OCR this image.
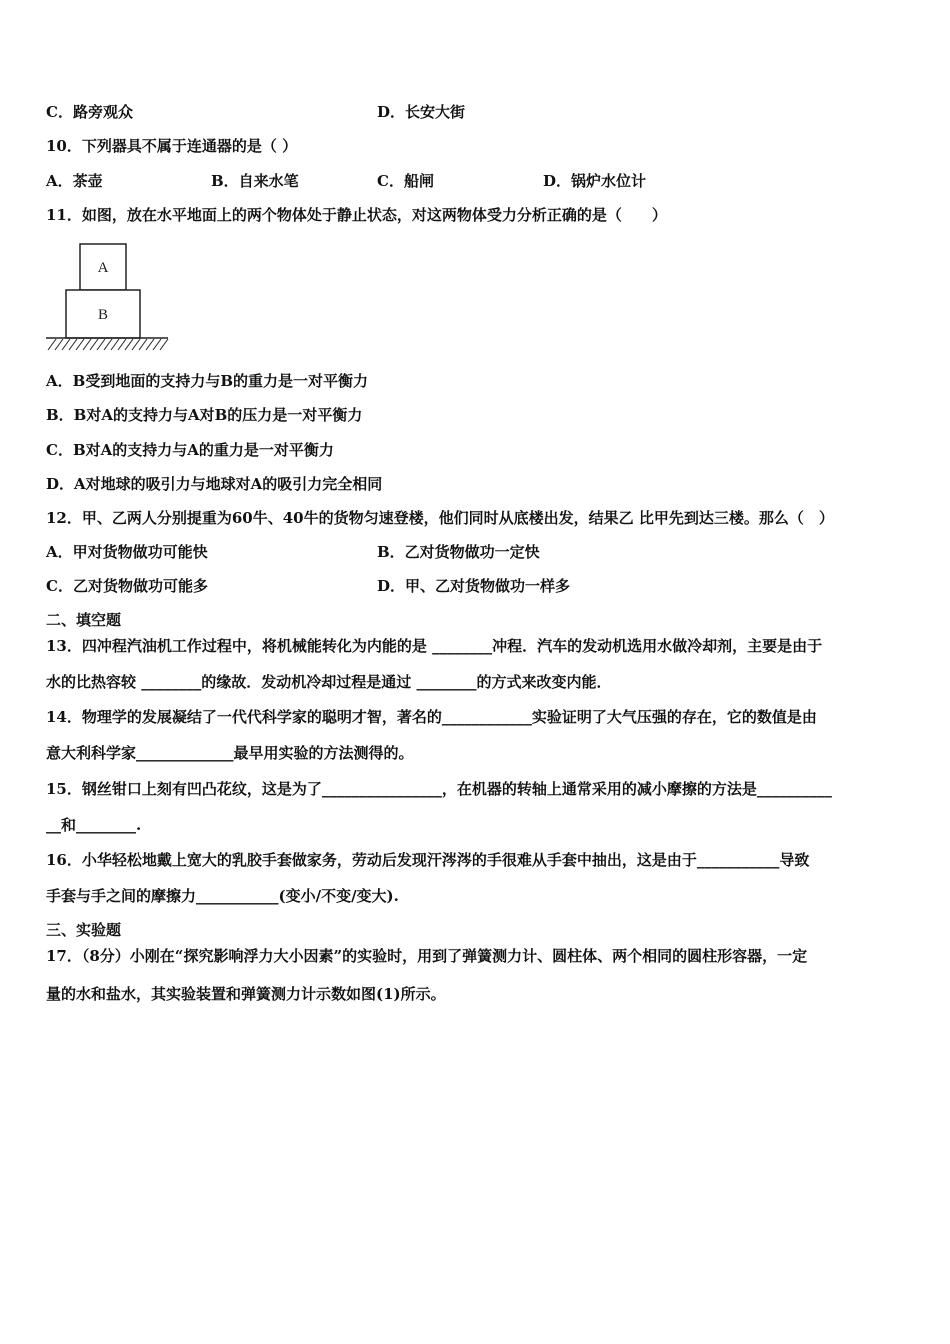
C．路旁观众	D．长安大街
10．下列器具不属于连通器的是（ ）
A．茶壶	B．自来水笔	C．船闸	D．锅炉水位计
11．如图，放在水平地面上的两个物体处于静止状态，对这两物体受力分析正确的是（　　）
A
B
A．B受到地面的支持力与B的重力是一对平衡力
B．B对A的支持力与A对B的压力是一对平衡力
C．B对A的支持力与A的重力是一对平衡力
D．A对地球的吸引力与地球对A的吸引力完全相同
12．甲、乙两人分别提重为60牛、40牛的货物匀速登楼，他们同时从底楼出发，结果乙 比甲先到达三楼。那么（　）
A．甲对货物做功可能快	B．乙对货物做功一定快
C．乙对货物做功可能多	D．甲、乙对货物做功一样多
二、填空题
13．四冲程汽油机工作过程中，将机械能转化为内能的是 ________冲程．汽车的发动机选用水做冷却剂，主要是由于
水的比热容较 ________的缘故．发动机冷却过程是通过 ________的方式来改变内能．
14．物理学的发展凝结了一代代科学家的聪明才智，著名的____________实验证明了大气压强的存在，它的数值是由
意大利科学家_____________最早用实验的方法测得的。
15．钢丝钳口上刻有凹凸花纹，这是为了________________，在机器的转轴上通常采用的减小摩擦的方法是__________
__和________.
16．小华轻松地戴上宽大的乳胶手套做家务，劳动后发现汗涔涔的手很难从手套中抽出，这是由于___________导致
手套与手之间的摩擦力___________(变小/不变/变大).
三、实验题
17．（8分）小刚在“探究影响浮力大小因素”的实验时，用到了弹簧测力计、圆柱体、两个相同的圆柱形容器，一定
量的水和盐水，其实验装置和弹簧测力计示数如图(1)所示。
